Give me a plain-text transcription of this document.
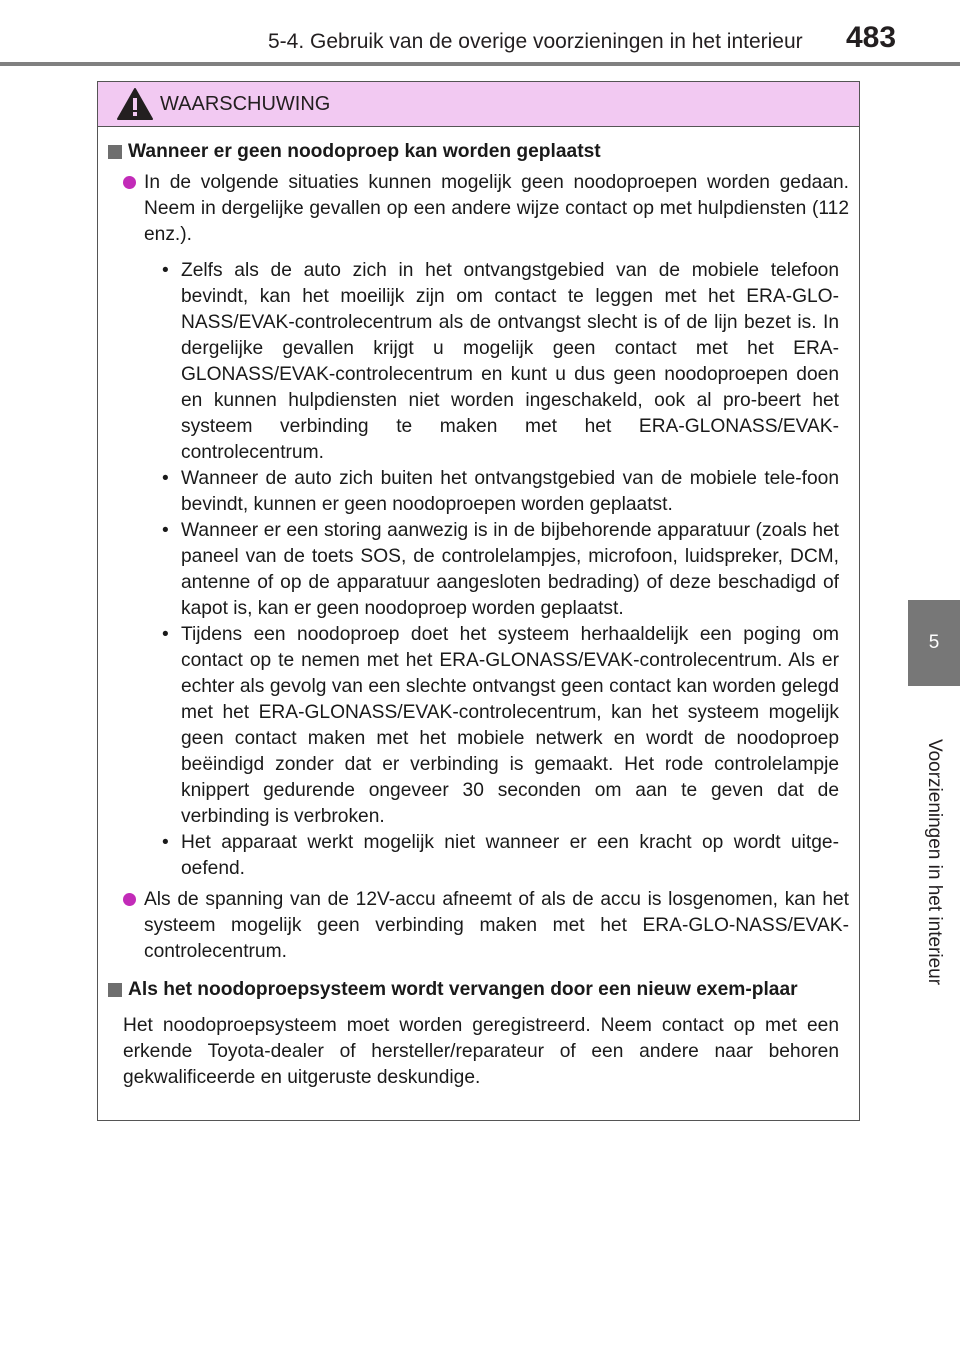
5-4. Gebruik van de overige voorzieningen in het interieur 483
5
Voorzieningen in het interieur
WAARSCHUWING
Wanneer er geen noodoproep kan worden geplaatst
In de volgende situaties kunnen mogelijk geen noodoproepen worden gedaan. Neem in dergelijke gevallen op een andere wijze contact op met hulpdiensten (112 enz.).
• Zelfs als de auto zich in het ontvangstgebied van de mobiele telefoon bevindt, kan het moeilijk zijn om contact te leggen met het ERA-GLO-NASS/EVAK-controlecentrum als de ontvangst slecht is of de lijn bezet is. In dergelijke gevallen krijgt u mogelijk geen contact met het ERA-GLONASS/EVAK-controlecentrum en kunt u dus geen noodoproepen doen en kunnen hulpdiensten niet worden ingeschakeld, ook al pro-beert het systeem verbinding te maken met het ERA-GLONASS/EVAK-controlecentrum.
• Wanneer de auto zich buiten het ontvangstgebied van de mobiele tele-foon bevindt, kunnen er geen noodoproepen worden geplaatst.
• Wanneer er een storing aanwezig is in de bijbehorende apparatuur (zoals het paneel van de toets SOS, de controlelampjes, microfoon, luidspreker, DCM, antenne of op de apparatuur aangesloten bedrading) of deze beschadigd of kapot is, kan er geen noodoproep worden geplaatst.
• Tijdens een noodoproep doet het systeem herhaaldelijk een poging om contact op te nemen met het ERA-GLONASS/EVAK-controlecentrum. Als er echter als gevolg van een slechte ontvangst geen contact kan worden gelegd met het ERA-GLONASS/EVAK-controlecentrum, kan het systeem mogelijk geen contact maken met het mobiele netwerk en wordt de noodoproep beëindigd zonder dat er verbinding is gemaakt. Het rode controlelampje knippert gedurende ongeveer 30 seconden om aan te geven dat de verbinding is verbroken.
• Het apparaat werkt mogelijk niet wanneer er een kracht op wordt uitge-oefend.
Als de spanning van de 12V-accu afneemt of als de accu is losgenomen, kan het systeem mogelijk geen verbinding maken met het ERA-GLO-NASS/EVAK-controlecentrum.
Als het noodoproepsysteem wordt vervangen door een nieuw exem-plaar
Het noodoproepsysteem moet worden geregistreerd. Neem contact op met een erkende Toyota-dealer of hersteller/reparateur of een andere naar behoren gekwalificeerde en uitgeruste deskundige.
